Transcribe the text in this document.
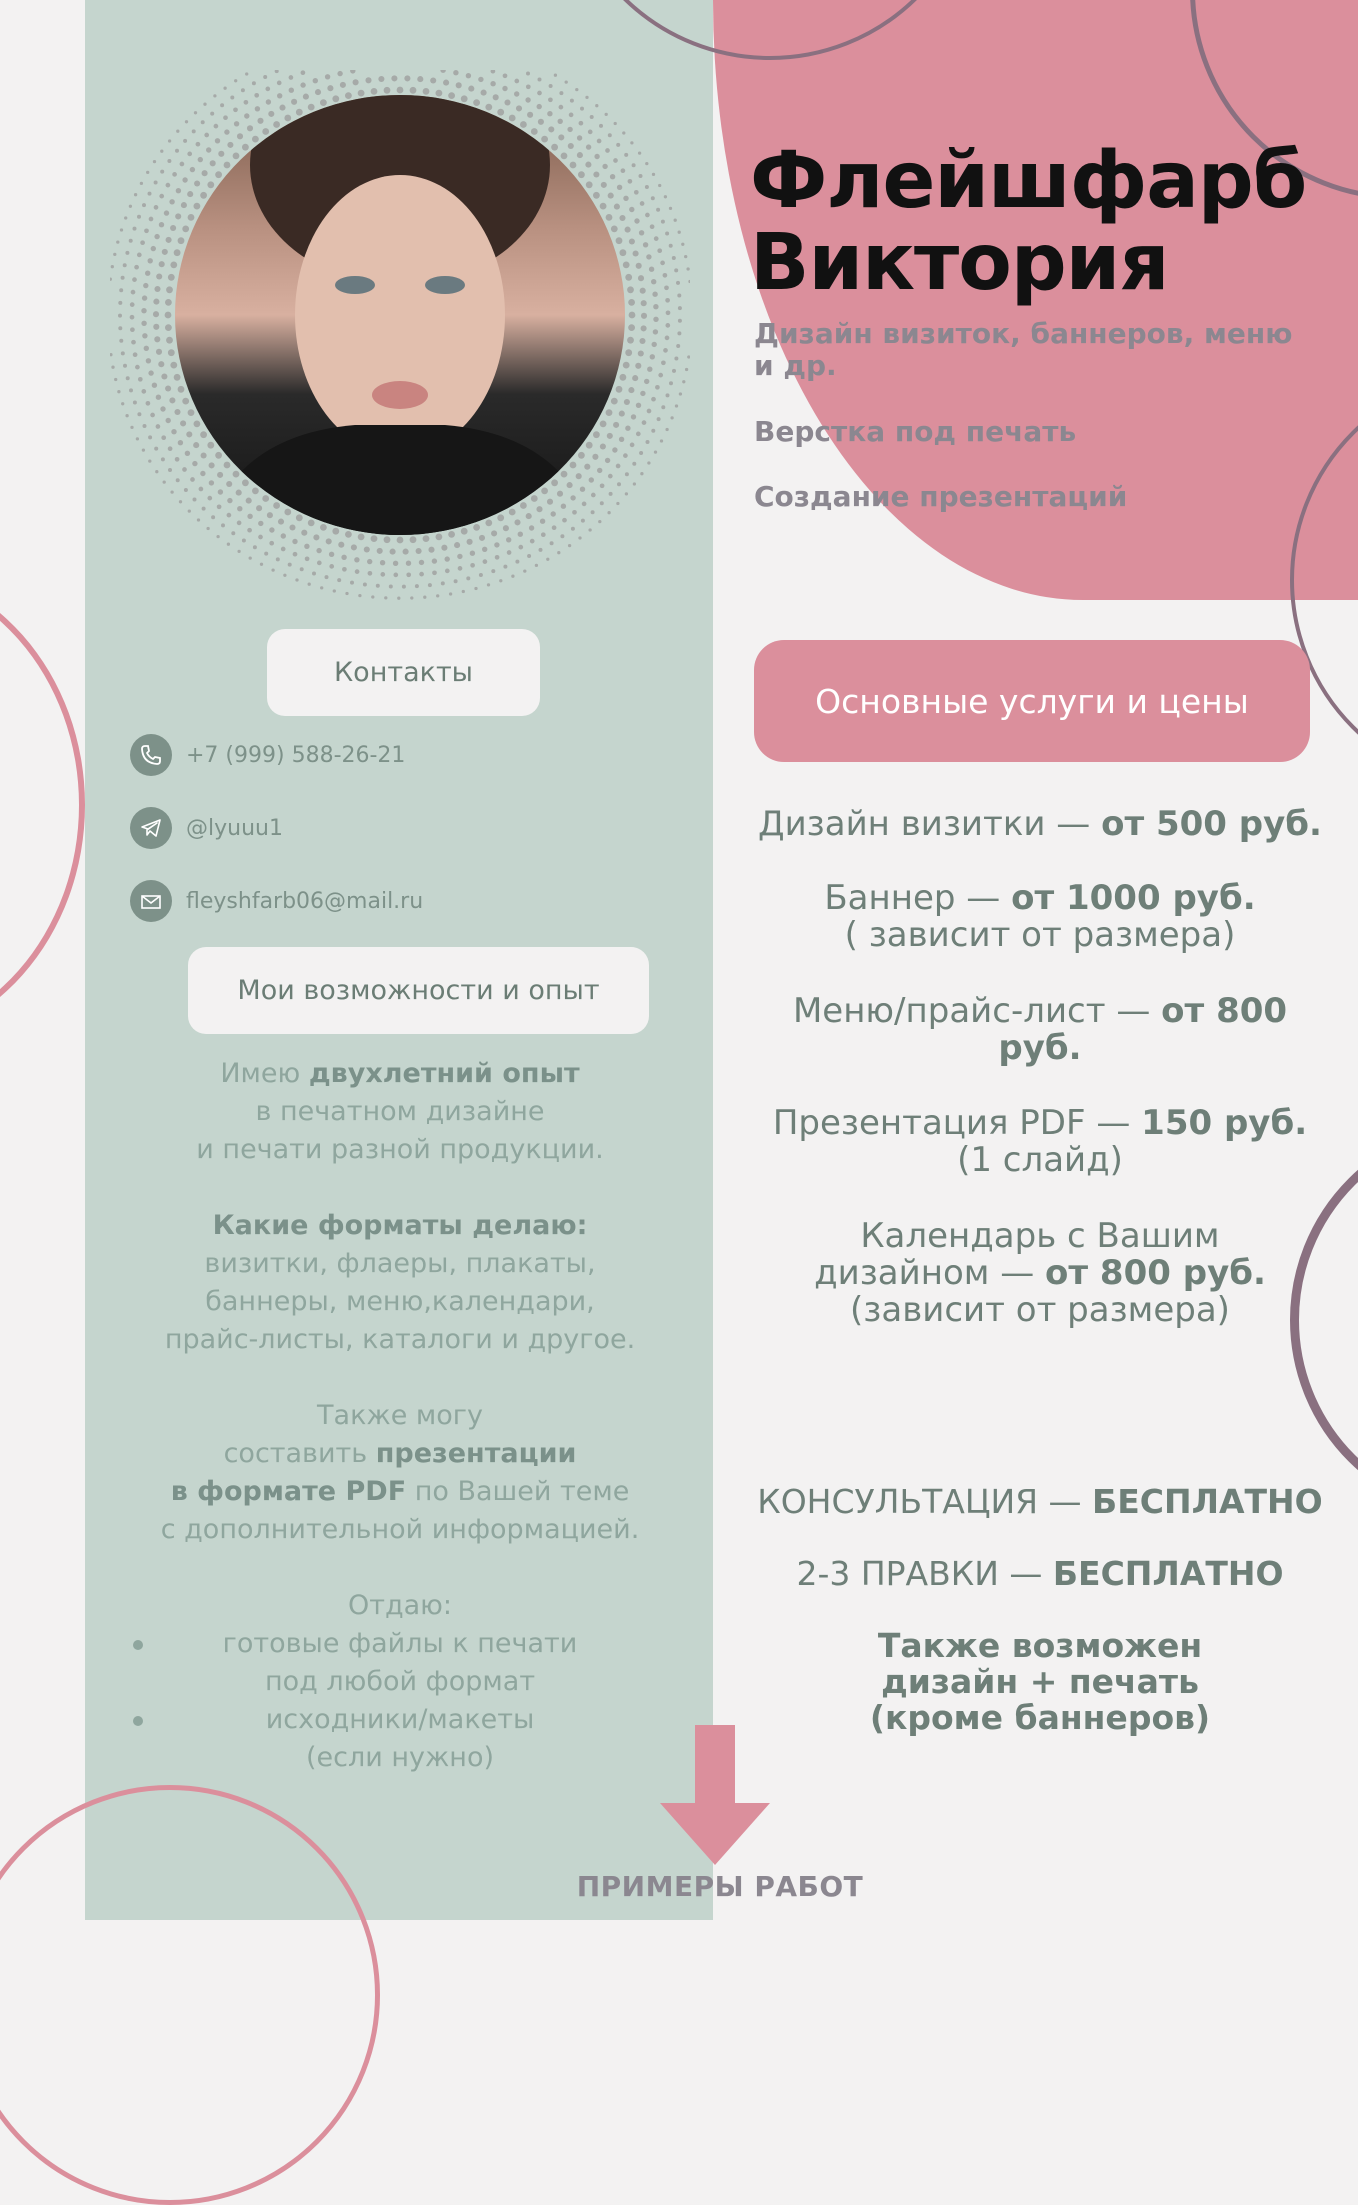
Флейшфарб
Виктория
Дизайн визиток, баннеров, меню
и др.
Верстка под печать
Создание презентаций
Контакты
+7 (999) 588-26-21
@lyuuu1
fleyshfarb06@mail.ru
Мои возможности и опыт
Имею двухлетний опыт
в печатном дизайне
и печати разной продукции.
Какие форматы делаю:
визитки, флаеры, плакаты,
баннеры, меню,календари,
прайс-листы, каталоги и другое.
Также могу
составить презентации
в формате PDF по Вашей теме
с дополнительной информацией.
Отдаю:
готовые файлы к печати
под любой формат
исходники/макеты
(если нужно)
Основные услуги и цены
Дизайн визитки — от 500 руб.
Баннер — от 1000 руб.
( зависит от размера)
Меню/прайс-лист — от 800
руб.
Презентация PDF — 150 руб.
(1 слайд)
Календарь с Вашим
дизайном — от 800 руб.
(зависит от размера)
КОНСУЛЬТАЦИЯ — БЕСПЛАТНО
2-3 ПРАВКИ — БЕСПЛАТНО
Также возможен
дизайн + печать
(кроме баннеров)
ПРИМЕРЫ РАБОТ
